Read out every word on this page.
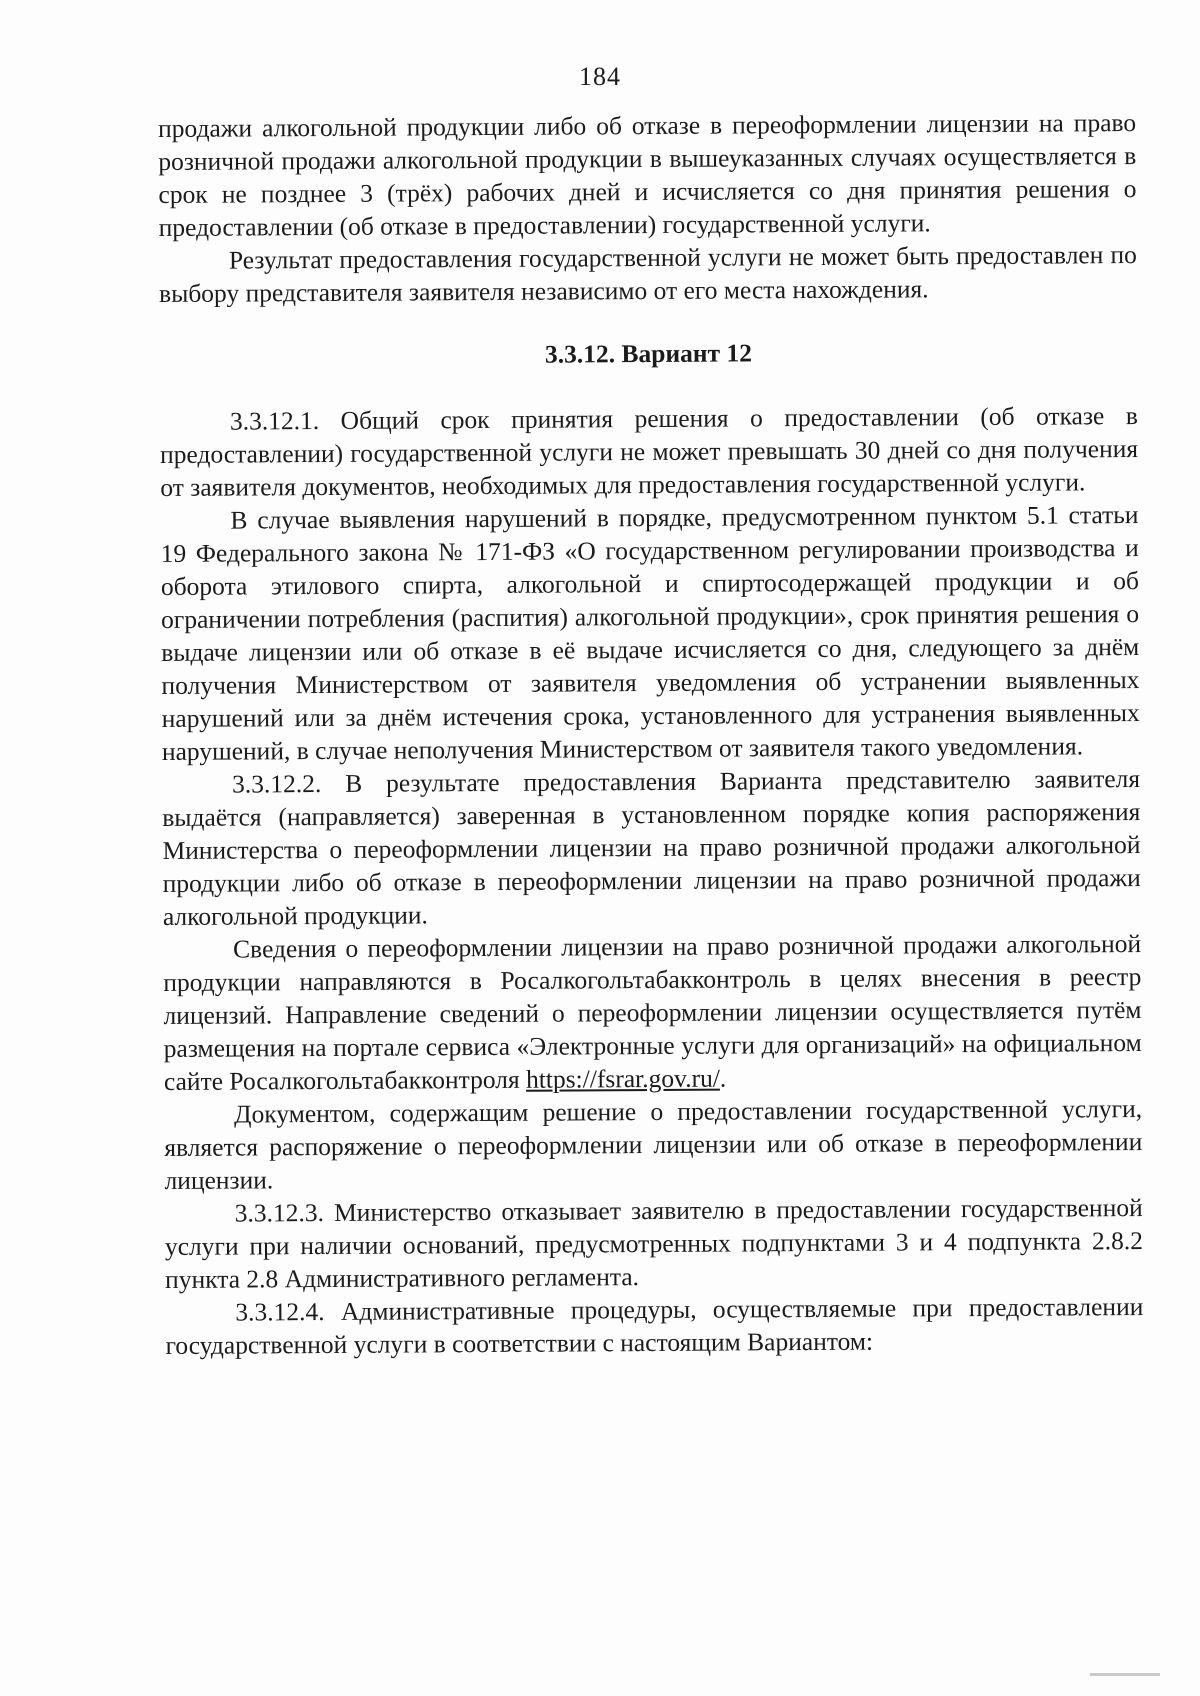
184

продажи алкогольной продукции либо об отказе в переоформлении лицензии на право розничной продажи алкогольной продукции в вышеуказанных случаях осуществляется в срок не позднее 3 (трёх) рабочих дней и исчисляется со дня принятия решения о предоставлении (об отказе в предоставлении) государственной услуги.

Результат предоставления государственной услуги не может быть предоставлен по выбору представителя заявителя независимо от его места нахождения.

3.3.12. Вариант 12

3.3.12.1. Общий срок принятия решения о предоставлении (об отказе в предоставлении) государственной услуги не может превышать 30 дней со дня получения от заявителя документов, необходимых для предоставления государственной услуги.

В случае выявления нарушений в порядке, предусмотренном пунктом 5.1 статьи 19 Федерального закона № 171-ФЗ «О государственном регулировании производства и оборота этилового спирта, алкогольной и спиртосодержащей продукции и об ограничении потребления (распития) алкогольной продукции», срок принятия решения о выдаче лицензии или об отказе в её выдаче исчисляется со дня, следующего за днём получения Министерством от заявителя уведомления об устранении выявленных нарушений или за днём истечения срока, установленного для устранения выявленных нарушений, в случае неполучения Министерством от заявителя такого уведомления.

3.3.12.2. В результате предоставления Варианта представителю заявителя выдаётся (направляется) заверенная в установленном порядке копия распоряжения Министерства о переоформлении лицензии на право розничной продажи алкогольной продукции либо об отказе в переоформлении лицензии на право розничной продажи алкогольной продукции.

Сведения о переоформлении лицензии на право розничной продажи алкогольной продукции направляются в Росалкогольтабакконтроль в целях внесения в реестр лицензий. Направление сведений о переоформлении лицензии осуществляется путём размещения на портале сервиса «Электронные услуги для организаций» на официальном сайте Росалкогольтабакконтроля https://fsrar.gov.ru/.

Документом, содержащим решение о предоставлении государственной услуги, является распоряжение о переоформлении лицензии или об отказе в переоформлении лицензии.

3.3.12.3. Министерство отказывает заявителю в предоставлении государственной услуги при наличии оснований, предусмотренных подпунктами 3 и 4 подпункта 2.8.2 пункта 2.8 Административного регламента.

3.3.12.4. Административные процедуры, осуществляемые при предоставлении государственной услуги в соответствии с настоящим Вариантом:
